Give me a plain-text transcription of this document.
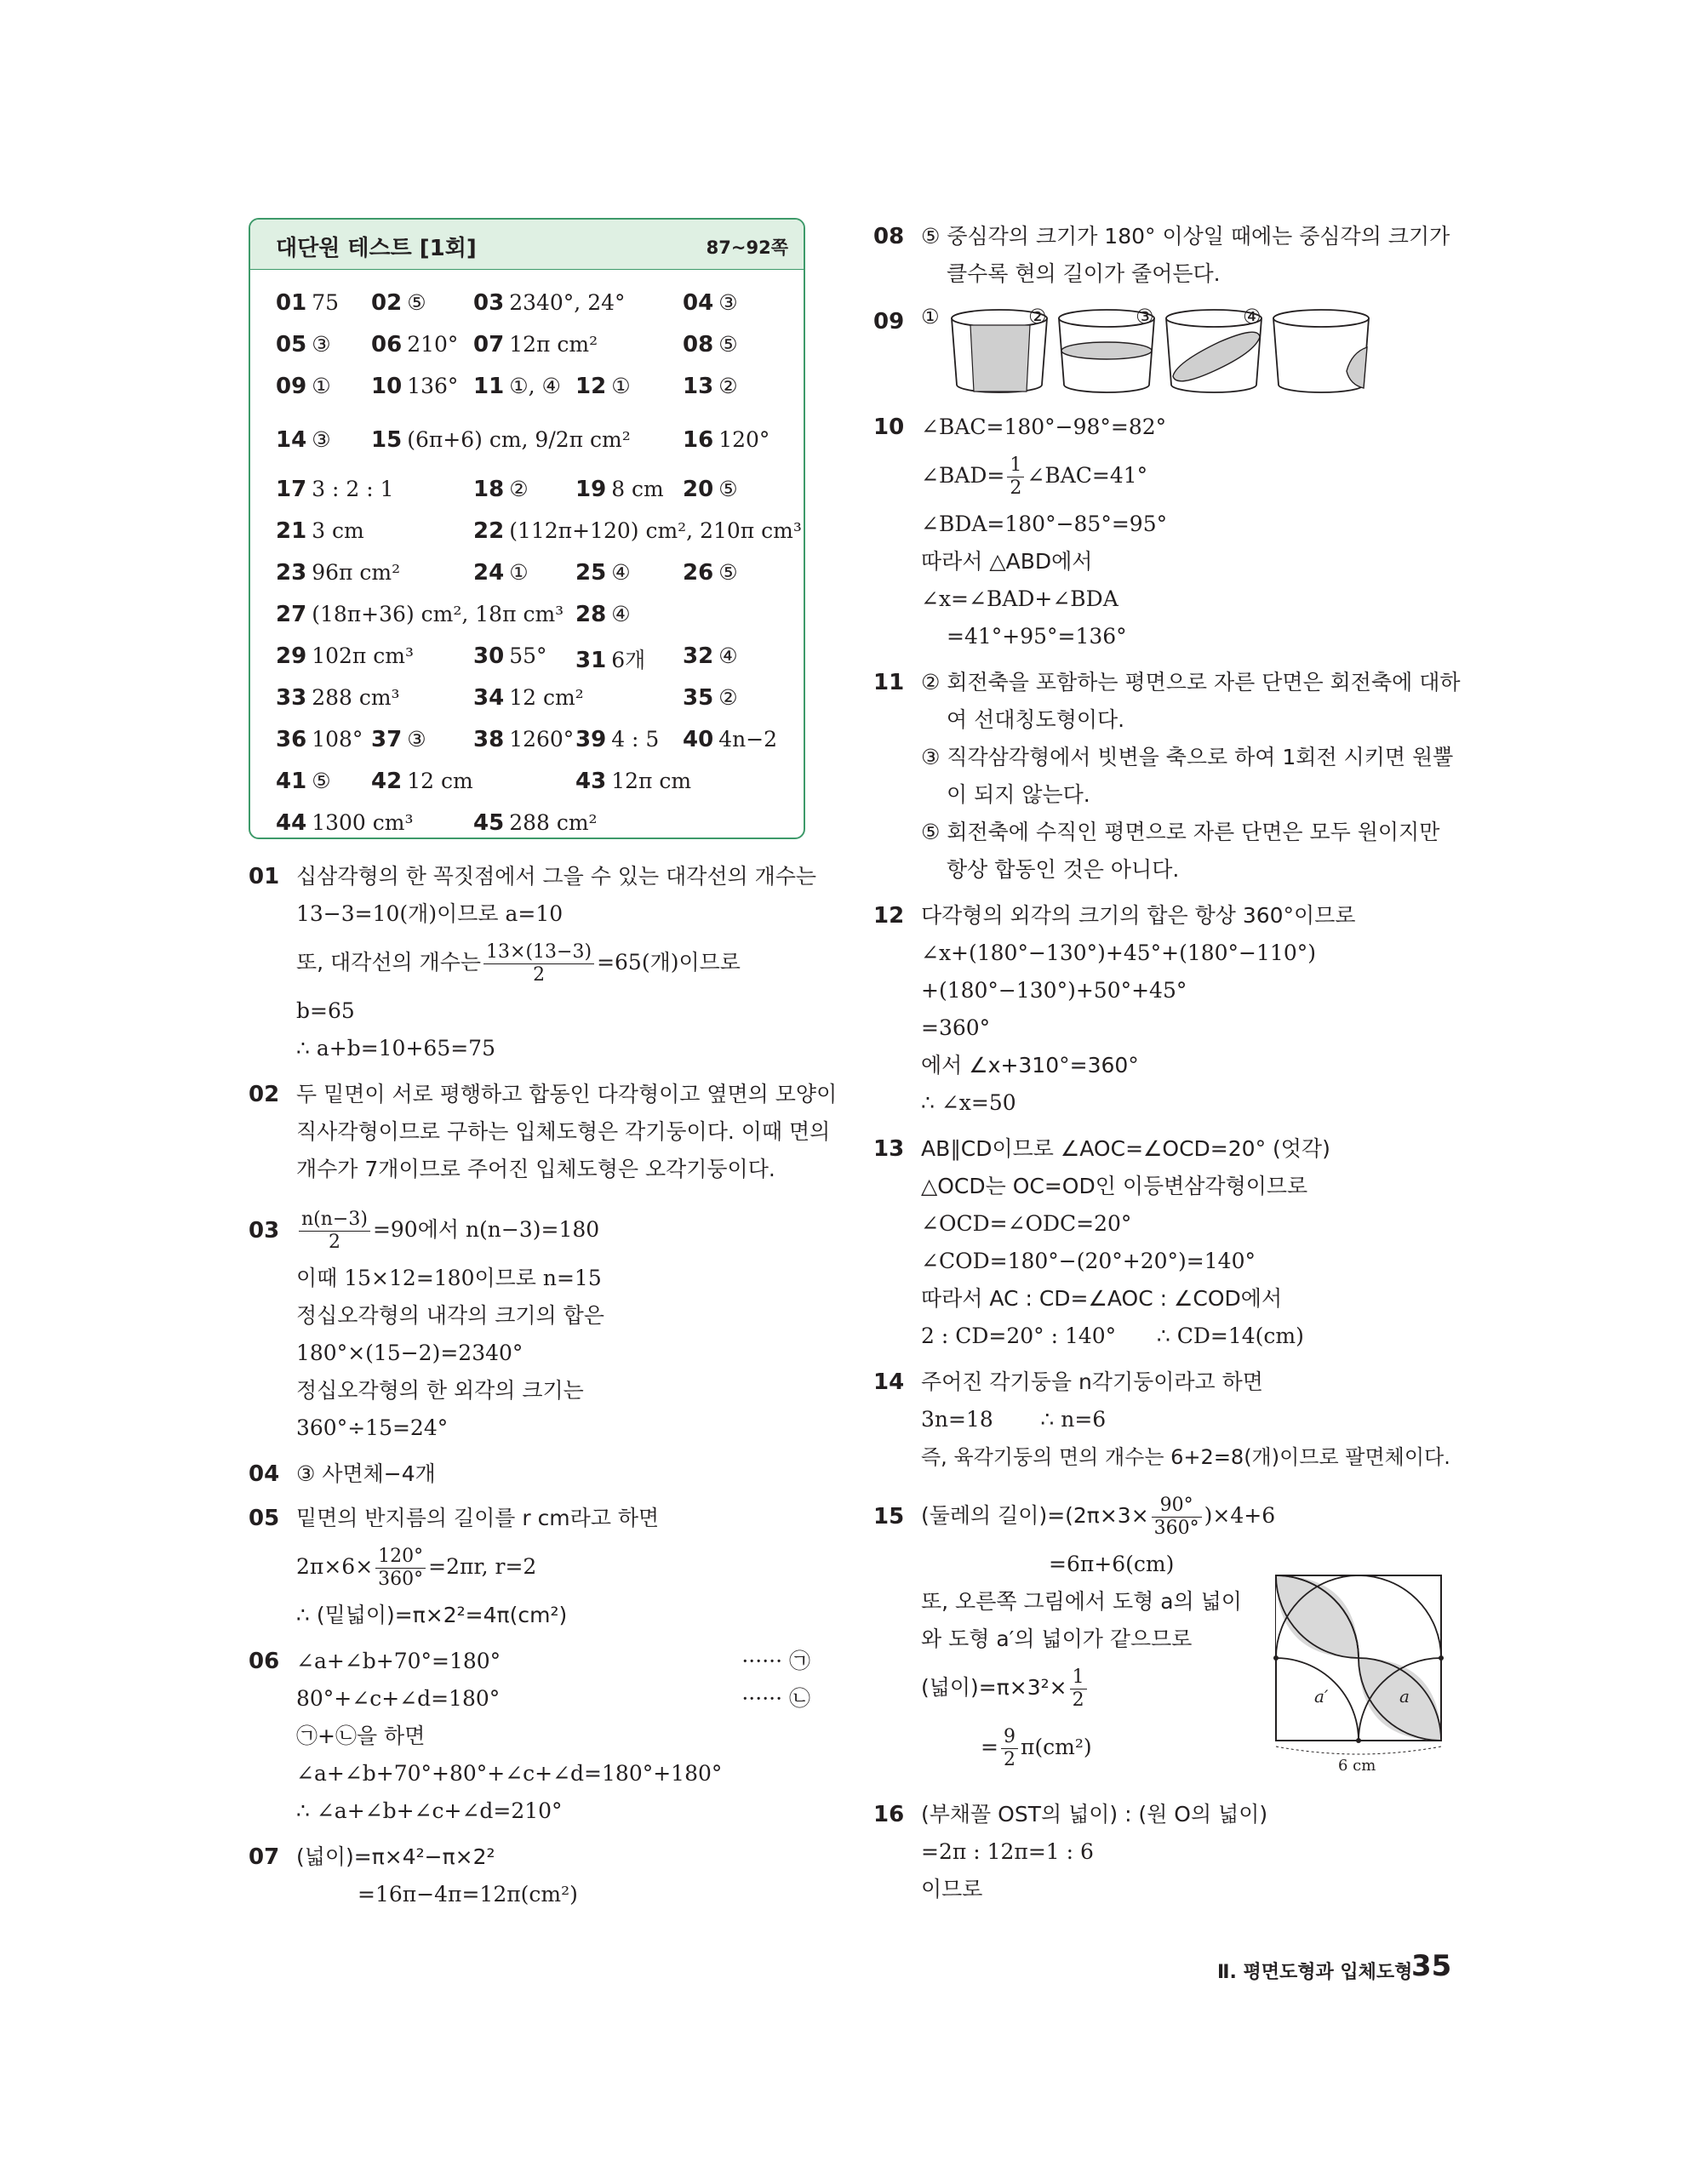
대단원 테스트 [1회]	87~92쪽
01 75 02 ⑤ 03 2340°, 24°	04 ③
05 ③ 06 210° 07 12π cm²	08 ⑤
09 ① 10 136° 11 ①, ④ 12 ① 13 ②
14 ③ 15 (6π+6) cm, 9/2π cm² 16 120°
17 3 : 2 : 1	18 ② 19 8 cm 20 ⑤
21 3 cm	22 (112π+120) cm², 210π cm³
23 96π cm²	24 ① 25 ④ 26 ⑤
27 (18π+36) cm², 18π cm³ 28 ④
29 102π cm³	30 55° 31 6개 32 ④
33 288 cm³	34 12 cm²	35 ②
36 108° 37 ③ 38 1260° 39 4 : 5 40 4n−2
41 ⑤ 42 12 cm	43 12π cm
44 1300 cm³	45 288 cm²
01 십삼각형의 한 꼭짓점에서 그을 수 있는 대각선의 개수는
13−3=10(개)이므로 a=10
또, 대각선의 개수는 $\frac{13\times(13-3)}{2} =65$(개)이므로
b=65
∴ a+b=10+65=75
02 두 밑면이 서로 평행하고 합동인 다각형이고 옆면의 모양이
직사각형이므로 구하는 입체도형은 각기둥이다. 이때 면의
개수가 7개이므로 주어진 입체도형은 오각기둥이다.
$03 \frac{n(n-3)}{2} =90$에서 n(n−3)=180
이때 15×12=180이므로 n=15
정십오각형의 내각의 크기의 합은
180°×(15−2)=2340°
정십오각형의 한 외각의 크기는
360°÷15=24°
04 ③ 사면체−4개
05 밑면의 반지름의 길이를 r cm라고 하면
$2\pi\times 6\times \frac{120^\circ}{360^\circ} =2\pi r$, r=2
∴ (밑넓이)=π×2²=4π(cm²)
06 ∠a+∠b+70°=180°	······ ㉠
80°+∠c+∠d=180°	······ ㉡
㉠+㉡을 하면
∠a+∠b+70°+80°+∠c+∠d=180°+180°
∴ ∠a+∠b+∠c+∠d=210°
07 (넓이)=π×4²−π×2²
=16π−4π=12π(cm²)
08 ⑤ 중심각의 크기가 180° 이상일 때에는 중심각의 크기가
클수록 현의 길이가 줄어든다.
09 ①	②	③	④
10 ∠BAC=180°−98°=82°
∠BAD= $\frac{1}{2}$ ∠BAC=41°
∠BDA=180°−85°=95°
따라서 △ABD에서
∠x=∠BAD+∠BDA
=41°+95°=136°
11 ② 회전축을 포함하는 평면으로 자른 단면은 회전축에 대하
여 선대칭도형이다.
③ 직각삼각형에서 빗변을 축으로 하여 1회전 시키면 원뿔
이 되지 않는다.
⑤ 회전축에 수직인 평면으로 자른 단면은 모두 원이지만
항상 합동인 것은 아니다.
12 다각형의 외각의 크기의 합은 항상 360°이므로
∠x+(180°−130°)+45°+(180°−110°)
+(180°−130°)+50°+45°
=360°
에서 ∠x+310°=360°
∴ ∠x=50
13 AB∥CD이므로 ∠AOC=∠OCD=20° (엇각)
△OCD는 OC=OD인 이등변삼각형이므로
∠OCD=∠ODC=20°
∠COD=180°−(20°+20°)=140°
따라서 AC : CD=∠AOC : ∠COD에서
2 : CD=20° : 140°      ∴ CD=14(cm)
14 주어진 각기둥을 n각기둥이라고 하면
3n=18       ∴ n=6
즉, 육각기둥의 면의 개수는 6+2=8(개)이므로 팔면체이다.
15 (둘레의 길이)$=(2\pi\times 3\times \frac{90^\circ}{360^\circ} )\times 4+6$
=6π+6(cm)
또, 오른쪽 그림에서 도형 a의 넓이
와 도형 a′의 넓이가 같으므로
(넓이)$=\pi\times 3^2\times \frac{1}{2}$
= $\frac{9}{2} \pi(cm^2)$
a′	a
6 cm
16 (부채꼴 OST의 넓이) : (원 O의 넓이)
=2π : 12π=1 : 6
이므로
Ⅱ. 평면도형과 입체도형
35
